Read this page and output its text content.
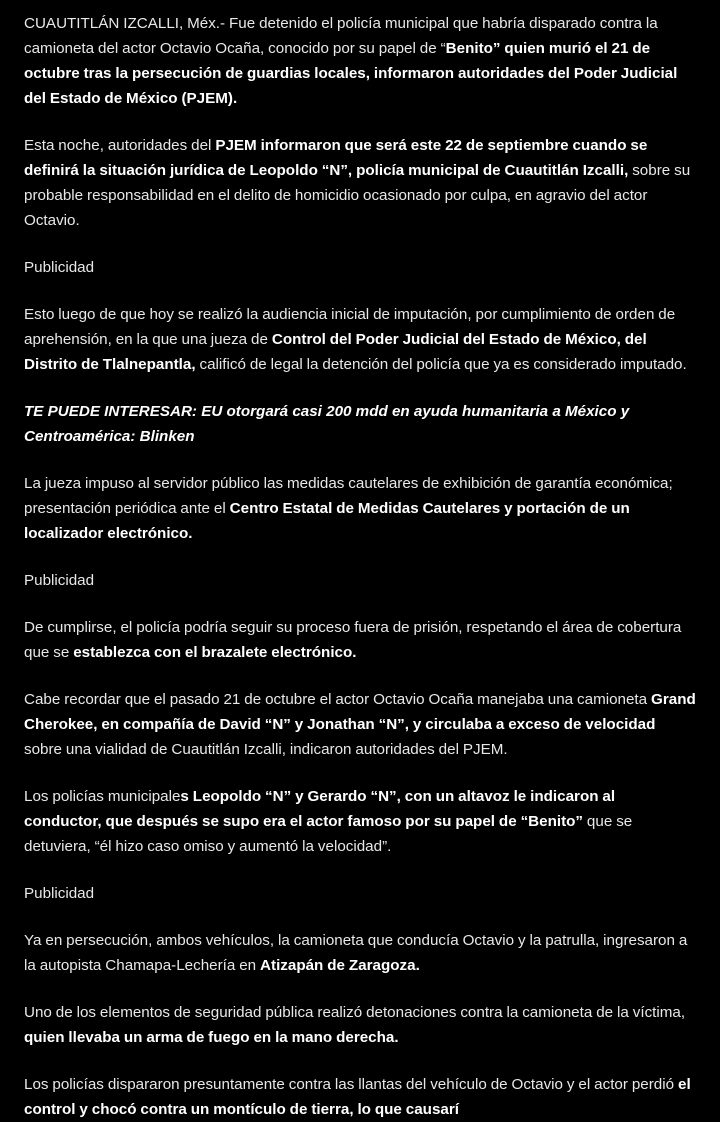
CUAUTITLÁN IZCALLI, Méx.- Fue detenido el policía municipal que habría disparado contra la camioneta del actor Octavio Ocaña, conocido por su papel de “Benito” quien murió el 21 de octubre tras la persecución de guardias locales, informaron autoridades del Poder Judicial del Estado de México (PJEM).

Esta noche, autoridades del PJEM informaron que será este 22 de septiembre cuando se definirá la situación jurídica de Leopoldo “N”, policía municipal de Cuautitlán Izcalli, sobre su probable responsabilidad en el delito de homicidio ocasionado por culpa, en agravio del actor Octavio.

Publicidad

Esto luego de que hoy se realizó la audiencia inicial de imputación, por cumplimiento de orden de aprehensión, en la que una jueza de Control del Poder Judicial del Estado de México, del Distrito de Tlalnepantla, calificó de legal la detención del policía que ya es considerado imputado.

TE PUEDE INTERESAR: EU otorgará casi 200 mdd en ayuda humanitaria a México y Centroamérica: Blinken

La jueza impuso al servidor público las medidas cautelares de exhibición de garantía económica; presentación periódica ante el Centro Estatal de Medidas Cautelares y portación de un localizador electrónico.

Publicidad

De cumplirse, el policía podría seguir su proceso fuera de prisión, respetando el área de cobertura que se establezca con el brazalete electrónico.

Cabe recordar que el pasado 21 de octubre el actor Octavio Ocaña manejaba una camioneta Grand Cherokee, en compañía de David “N” y Jonathan “N”, y circulaba a exceso de velocidad sobre una vialidad de Cuautitlán Izcalli, indicaron autoridades del PJEM.

Los policías municipales Leopoldo “N” y Gerardo “N”, con un altavoz le indicaron al conductor, que después se supo era el actor famoso por su papel de “Benito” que se detuviera, “él hizo caso omiso y aumentó la velocidad”.

Publicidad

Ya en persecución, ambos vehículos, la camioneta que conducía Octavio y la patrulla, ingresaron a la autopista Chamapa-Lechería en Atizapán de Zaragoza.

Uno de los elementos de seguridad pública realizó detonaciones contra la camioneta de la víctima, quien llevaba un arma de fuego en la mano derecha.

Los policías dispararon presuntamente contra las llantas del vehículo de Octavio y el actor perdió el control y chocó contra un montículo de tierra, lo que causarí
